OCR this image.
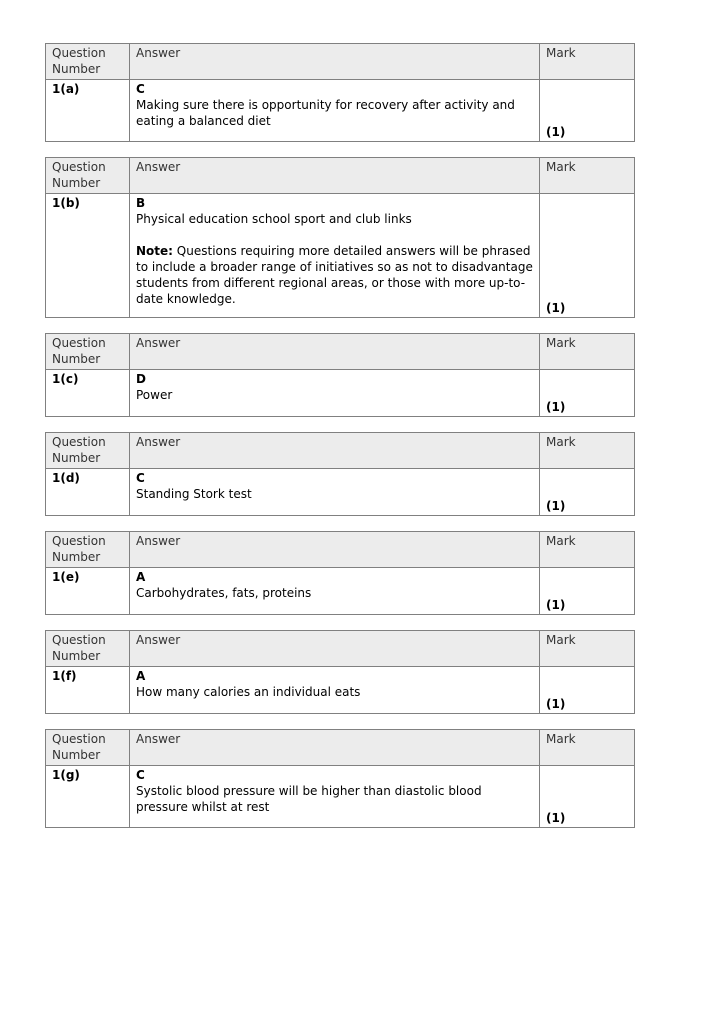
Question Number	Answer	Mark
1(a)	C
Making sure there is opportunity for recovery after activity and eating a balanced diet	(1)
Question Number	Answer	Mark
1(b)	B
Physical education school sport and club links
Note: Questions requiring more detailed answers will be phrased to include a broader range of initiatives so as not to disadvantage students from different regional areas, or those with more up-to-date knowledge.	(1)
Question Number	Answer	Mark
1(c)	D
Power	(1)
Question Number	Answer	Mark
1(d)	C
Standing Stork test	(1)
Question Number	Answer	Mark
1(e)	A
Carbohydrates, fats, proteins	(1)
Question Number	Answer	Mark
1(f)	A
How many calories an individual eats	(1)
Question Number	Answer	Mark
1(g)	C
Systolic blood pressure will be higher than diastolic blood pressure whilst at rest	(1)
